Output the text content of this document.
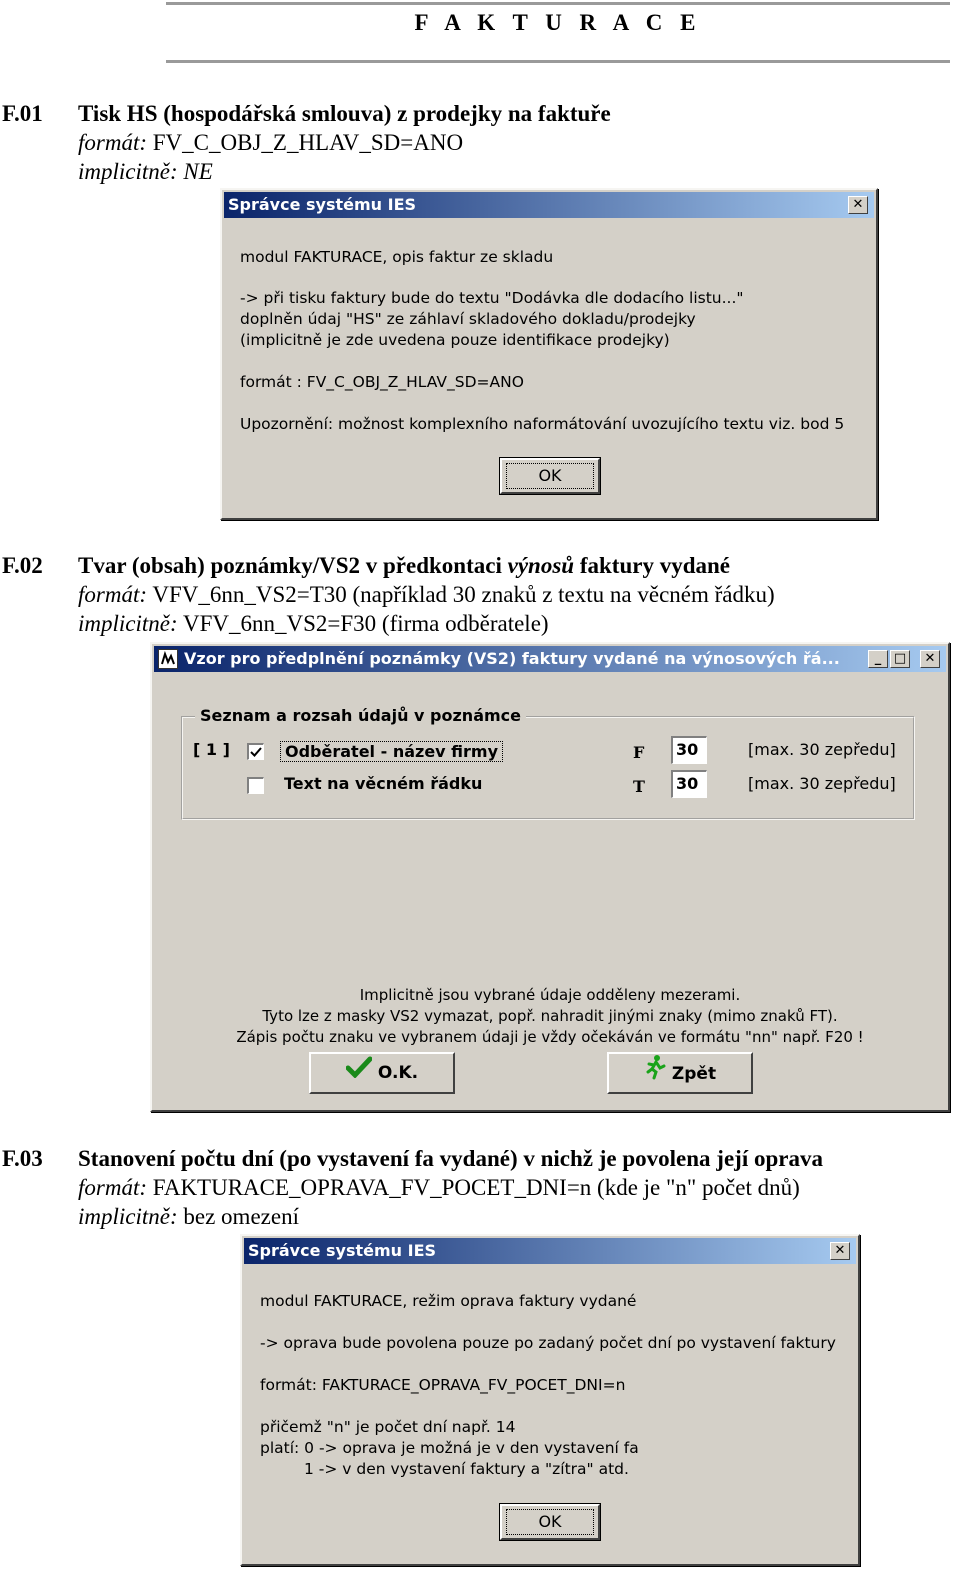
F A K T U R A C E
F.01 Tisk HS (hospodářská smlouva) z prodejky na faktuře
formát: FV_C_OBJ_Z_HLAV_SD=ANO
implicitně: NE
Správce systému IES	✕
modul FAKTURACE, opis faktur ze skladu
-> při tisku faktury bude do textu "Dodávka dle dodacího listu..."
doplněn údaj "HS" ze záhlaví skladového dokladu/prodejky
(implicitně je zde uvedena pouze identifikace prodejky)
formát : FV_C_OBJ_Z_HLAV_SD=ANO
Upozornění: možnost komplexního naformátování uvozujícího textu viz. bod 5
OK
F.02 Tvar (obsah) poznámky/VS2 v předkontaci výnosů faktury vydané
formát: VFV_6nn_VS2=T30 (například 30 znaků z textu na věcném řádku)
implicitně: VFV_6nn_VS2=F30 (firma odběratele)
Vzor pro předplnění poznámky (VS2) faktury vydané na výnosových řá...	_ □	✕
Seznam a rozsah údajů v poznámce
[ 1 ]	Odběratel - název firmy	F	30	[max. 30 zepředu]
Text na věcném řádku	T	30	[max. 30 zepředu]
Implicitně jsou vybrané údaje odděleny mezerami.
Tyto lze z masky VS2 vymazat, popř. nahradit jinými znaky (mimo znaků FT).
Zápis počtu znaku ve vybranem údaji je vždy očekáván ve formátu "nn" např. F20 !
O.K.	Zpět
F.03 Stanovení počtu dní (po vystavení fa vydané) v nichž je povolena její oprava
formát: FAKTURACE_OPRAVA_FV_POCET_DNI=n (kde je "n" počet dnů)
implicitně: bez omezení
Správce systému IES	✕
modul FAKTURACE, režim oprava faktury vydané
-> oprava bude povolena pouze po zadaný počet dní po vystavení faktury
formát: FAKTURACE_OPRAVA_FV_POCET_DNI=n
přičemž "n" je počet dní např. 14
platí: 0 -> oprava je možná je v den vystavení fa
1 -> v den vystavení faktury a "zítra" atd.
OK
